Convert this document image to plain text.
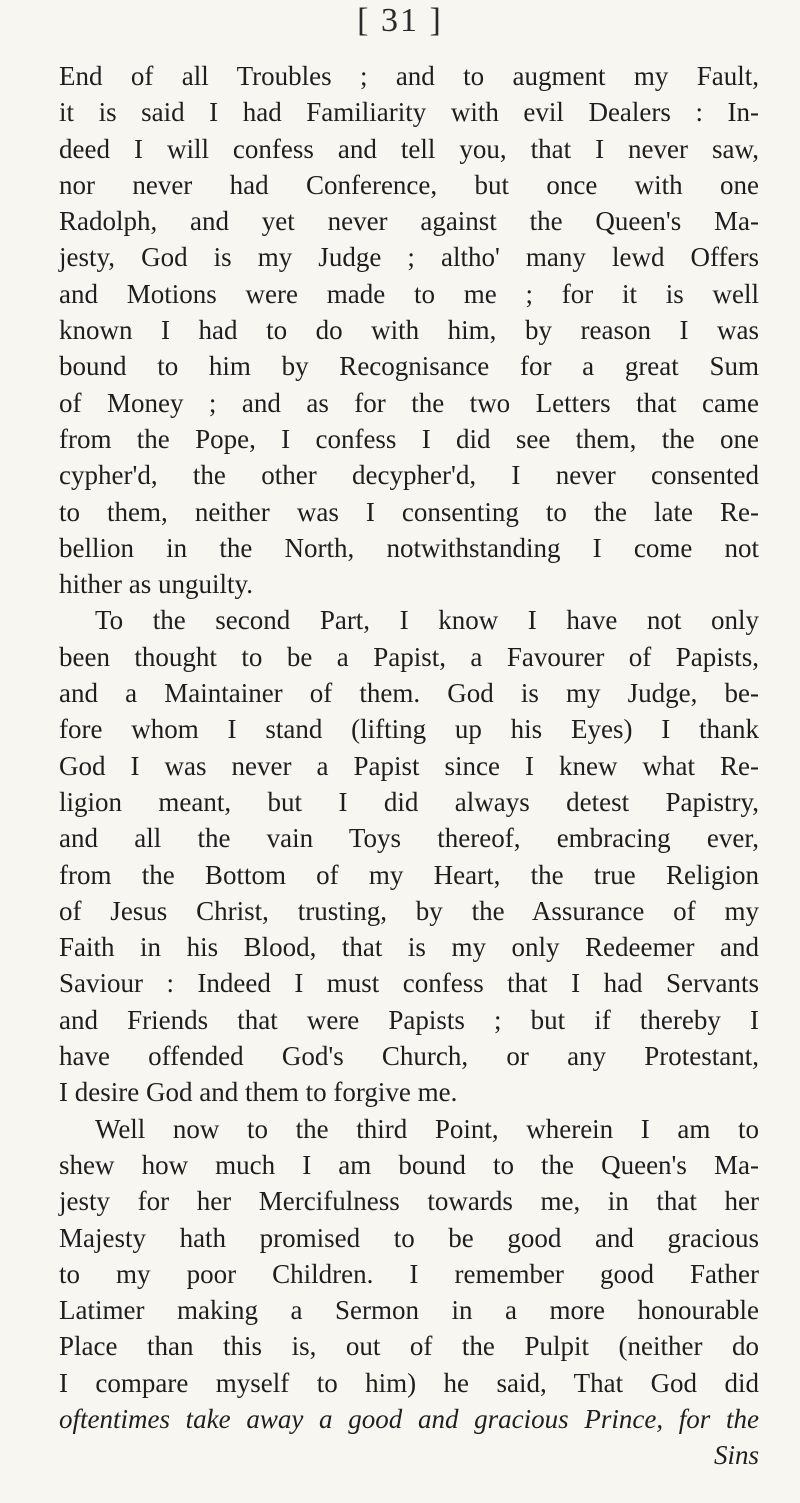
[ 31 ]
End of all Troubles ; and to augment my Fault,
it is said I had Familiarity with evil Dealers : In-
deed I will confess and tell you, that I never saw,
nor never had Conference, but once with one
Radolph, and yet never against the Queen's Ma-
jesty, God is my Judge ; altho' many lewd Offers
and Motions were made to me ; for it is well
known I had to do with him, by reason I was
bound to him by Recognisance for a great Sum
of Money ; and as for the two Letters that came
from the Pope, I confess I did see them, the one
cypher'd, the other decypher'd, I never consented
to them, neither was I consenting to the late Re-
bellion in the North, notwithstanding I come not
hither as unguilty.
To the second Part, I know I have not only
been thought to be a Papist, a Favourer of Papists,
and a Maintainer of them. God is my Judge, be-
fore whom I stand (lifting up his Eyes) I thank
God I was never a Papist since I knew what Re-
ligion meant, but I did always detest Papistry,
and all the vain Toys thereof, embracing ever,
from the Bottom of my Heart, the true Religion
of Jesus Christ, trusting, by the Assurance of my
Faith in his Blood, that is my only Redeemer and
Saviour : Indeed I must confess that I had Servants
and Friends that were Papists ; but if thereby I
have offended God's Church, or any Protestant,
I desire God and them to forgive me.
Well now to the third Point, wherein I am to
shew how much I am bound to the Queen's Ma-
jesty for her Mercifulness towards me, in that her
Majesty hath promised to be good and gracious
to my poor Children. I remember good Father
Latimer making a Sermon in a more honourable
Place than this is, out of the Pulpit (neither do
I compare myself to him) he said, That God did
oftentimes take away a good and gracious Prince, for the
Sins
